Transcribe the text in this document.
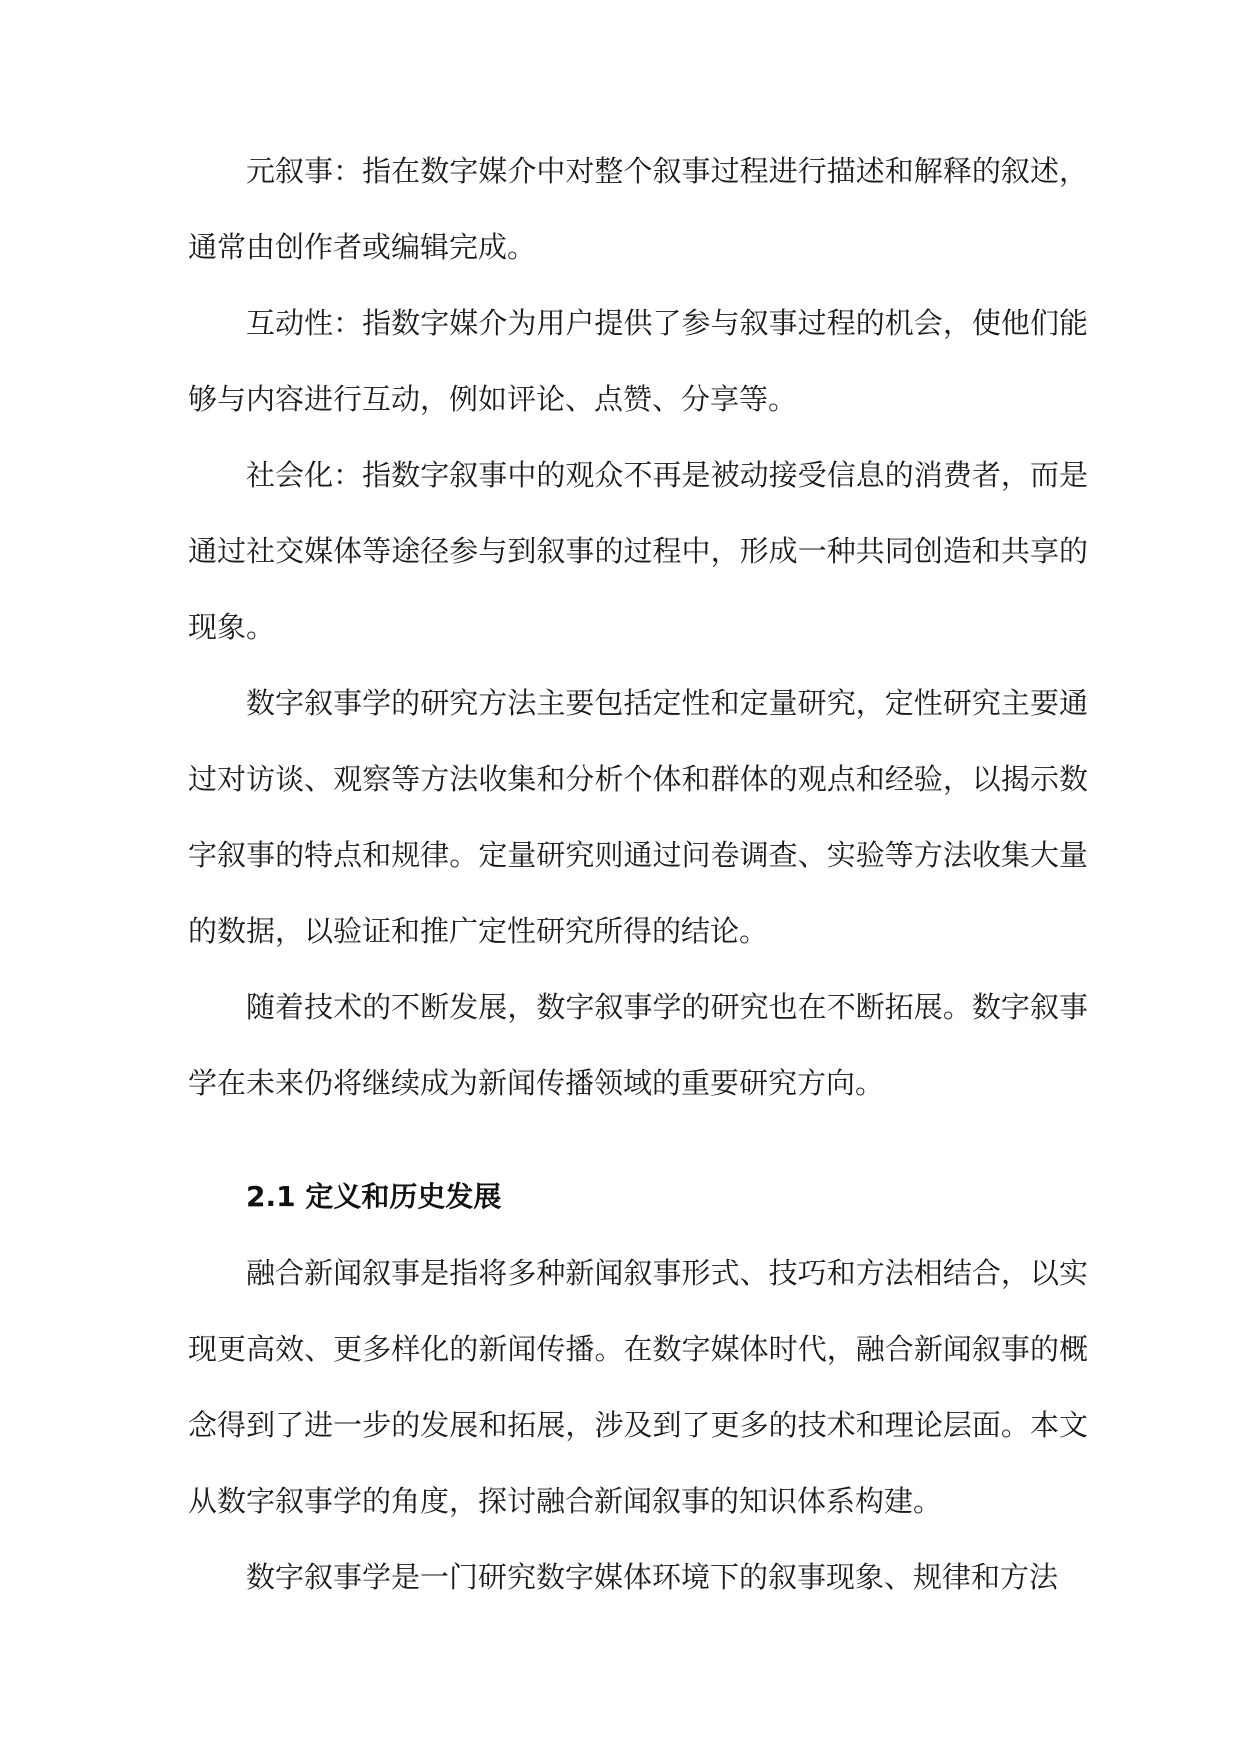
元叙事：指在数字媒介中对整个叙事过程进行描述和解释的叙述，通常由创作者或编辑完成。

互动性：指数字媒介为用户提供了参与叙事过程的机会，使他们能够与内容进行互动，例如评论、点赞、分享等。

社会化：指数字叙事中的观众不再是被动接受信息的消费者，而是通过社交媒体等途径参与到叙事的过程中，形成一种共同创造和共享的现象。

数字叙事学的研究方法主要包括定性和定量研究，定性研究主要通过对访谈、观察等方法收集和分析个体和群体的观点和经验，以揭示数字叙事的特点和规律。定量研究则通过问卷调查、实验等方法收集大量的数据，以验证和推广定性研究所得的结论。

随着技术的不断发展，数字叙事学的研究也在不断拓展。数字叙事学在未来仍将继续成为新闻传播领域的重要研究方向。

2.1 定义和历史发展

融合新闻叙事是指将多种新闻叙事形式、技巧和方法相结合，以实现更高效、更多样化的新闻传播。在数字媒体时代，融合新闻叙事的概念得到了进一步的发展和拓展，涉及到了更多的技术和理论层面。本文从数字叙事学的角度，探讨融合新闻叙事的知识体系构建。

数字叙事学是一门研究数字媒体环境下的叙事现象、规律和方法
